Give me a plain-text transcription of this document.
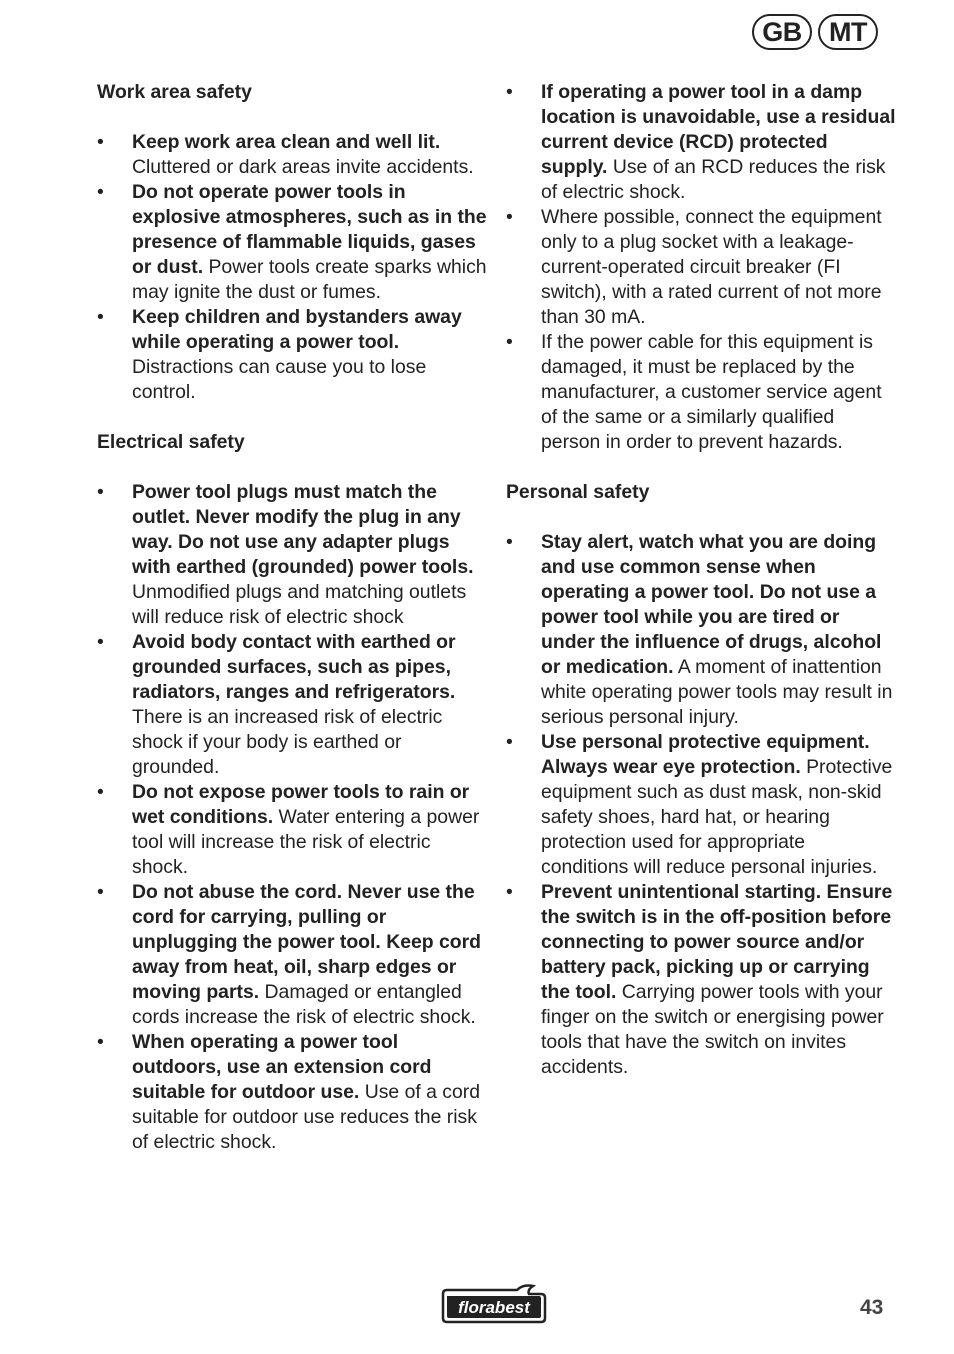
GB	MT

Work area safety

• Keep work area clean and well lit. Cluttered or dark areas invite accidents.
• Do not operate power tools in explosive atmospheres, such as in the presence of flammable liquids, gases or dust. Power tools create sparks which may ignite the dust or fumes.
• Keep children and bystanders away while operating a power tool. Distractions can cause you to lose control.

Electrical safety

• Power tool plugs must match the outlet. Never modify the plug in any way. Do not use any adapter plugs with earthed (grounded) power tools. Unmodified plugs and matching outlets will reduce risk of electric shock
• Avoid body contact with earthed or grounded surfaces, such as pipes, radiators, ranges and refrigerators. There is an increased risk of electric shock if your body is earthed or grounded.
• Do not expose power tools to rain or wet conditions. Water entering a power tool will increase the risk of electric shock.
• Do not abuse the cord. Never use the cord for carrying, pulling or unplugging the power tool. Keep cord away from heat, oil, sharp edges or moving parts. Damaged or entangled cords increase the risk of electric shock.
• When operating a power tool outdoors, use an extension cord suitable for outdoor use. Use of a cord suitable for outdoor use reduces the risk of electric shock.
• If operating a power tool in a damp location is unavoidable, use a residual current device (RCD) protected supply. Use of an RCD reduces the risk of electric shock.
• Where possible, connect the equipment only to a plug socket with a leakage-current-operated circuit breaker (FI switch), with a rated current of not more than 30 mA.
• If the power cable for this equipment is damaged, it must be replaced by the manufacturer, a customer service agent of the same or a similarly qualified person in order to prevent hazards.

Personal safety

• Stay alert, watch what you are doing and use common sense when operating a power tool. Do not use a power tool while you are tired or under the influence of drugs, alcohol or medication. A moment of inattention white operating power tools may result in serious personal injury.
• Use personal protective equipment. Always wear eye protection. Protective equipment such as dust mask, non-skid safety shoes, hard hat, or hearing protection used for appropriate conditions will reduce personal injuries.
• Prevent unintentional starting. Ensure the switch is in the off-position before connecting to power source and/or battery pack, picking up or carrying the tool. Carrying power tools with your finger on the switch or energising power tools that have the switch on invites accidents.
florabest	43
